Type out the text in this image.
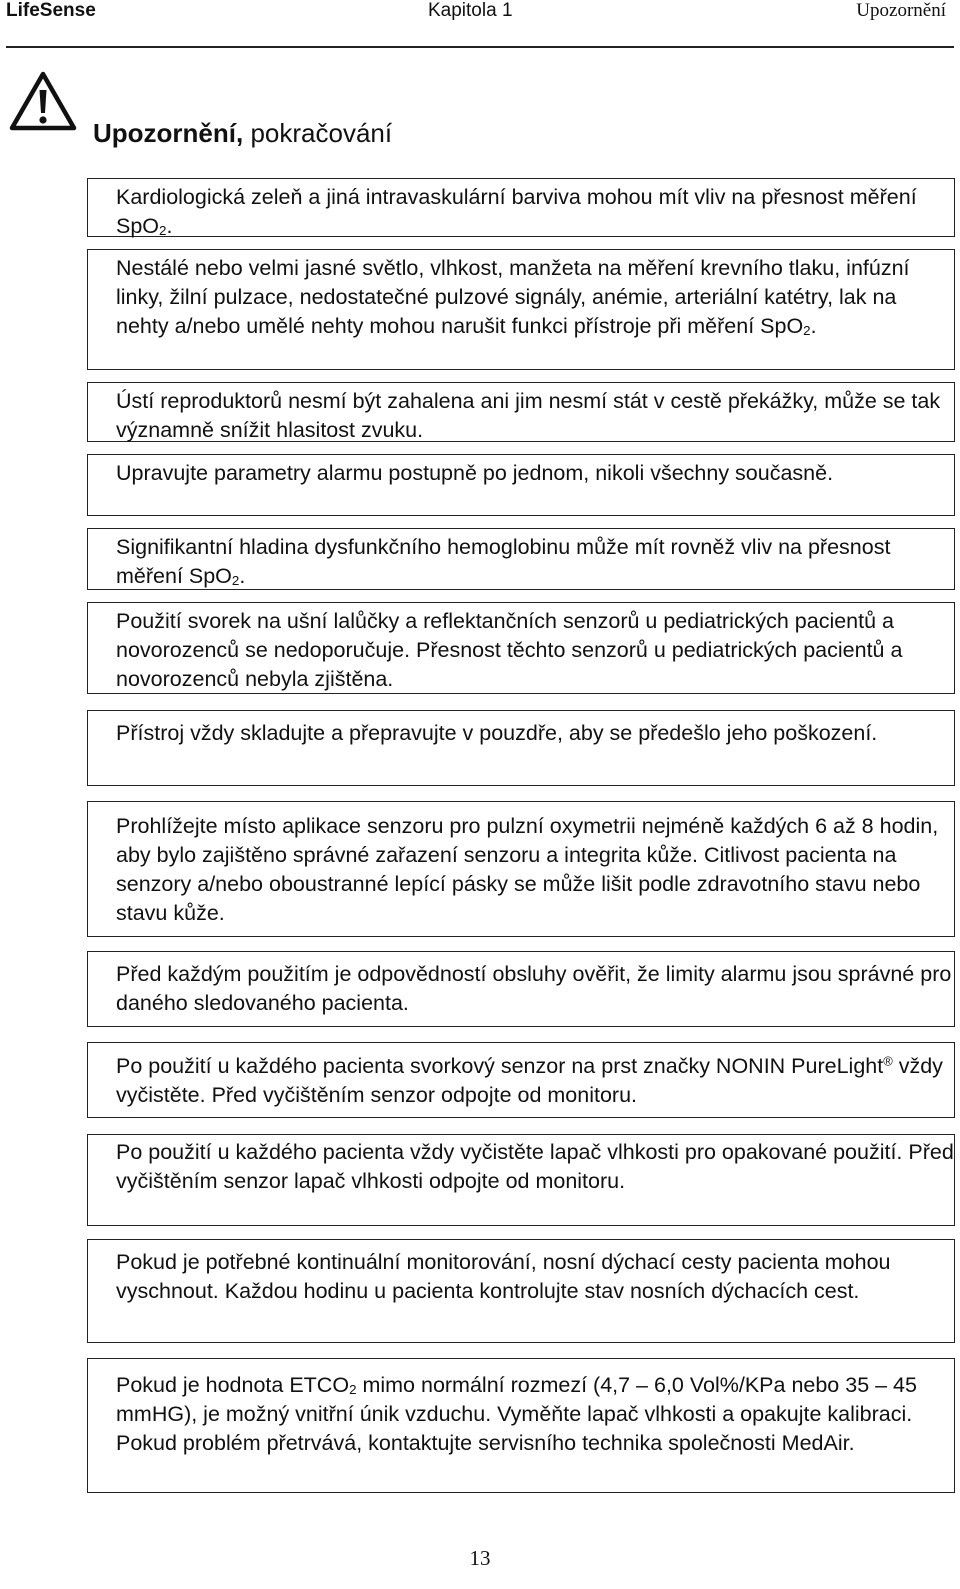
LifeSense	Kapitola 1	Upozornění
Upozornění, pokračování

Kardiologická zeleň a jiná intravaskulární barviva mohou mít vliv na přesnost měření SpO$_2$.

Nestálé nebo velmi jasné světlo, vlhkost, manžeta na měření krevního tlaku, infúzní linky, žilní pulzace, nedostatečné pulzové signály, anémie, arteriální katétry, lak na nehty a/nebo umělé nehty mohou narušit funkci přístroje při měření SpO$_2$.

Ústí reproduktorů nesmí být zahalena ani jim nesmí stát v cestě překážky, může se tak významně snížit hlasitost zvuku.

Upravujte parametry alarmu postupně po jednom, nikoli všechny současně.

Signifikantní hladina dysfunkčního hemoglobinu může mít rovněž vliv na přesnost měření SpO$_2$.

Použití svorek na ušní lalůčky a reflektančních senzorů u pediatrických pacientů a novorozenců se nedoporučuje. Přesnost těchto senzorů u pediatrických pacientů a novorozenců nebyla zjištěna.

Přístroj vždy skladujte a přepravujte v pouzdře, aby se předešlo jeho poškození.

Prohlížejte místo aplikace senzoru pro pulzní oxymetrii nejméně každých 6 až 8 hodin, aby bylo zajištěno správné zařazení senzoru a integrita kůže. Citlivost pacienta na senzory a/nebo oboustranné lepící pásky se může lišit podle zdravotního stavu nebo stavu kůže.

Před každým použitím je odpovědností obsluhy ověřit, že limity alarmu jsou správné pro daného sledovaného pacienta.

Po použití u každého pacienta svorkový senzor na prst značky NONIN PureLight® vždy vyčistěte. Před vyčištěním senzor odpojte od monitoru.

Po použití u každého pacienta vždy vyčistěte lapač vlhkosti pro opakované použití. Před vyčištěním senzor lapač vlhkosti odpojte od monitoru.

Pokud je potřebné kontinuální monitorování, nosní dýchací cesty pacienta mohou vyschnout. Každou hodinu u pacienta kontrolujte stav nosních dýchacích cest.

Pokud je hodnota $ETCO_2$ mimo normální rozmezí (4,7 – 6,0 Vol%/KPa nebo 35 – 45 mmHG), je možný vnitřní únik vzduchu. Vyměňte lapač vlhkosti a opakujte kalibraci. Pokud problém přetrvává, kontaktujte servisního technika společnosti MedAir.

13
